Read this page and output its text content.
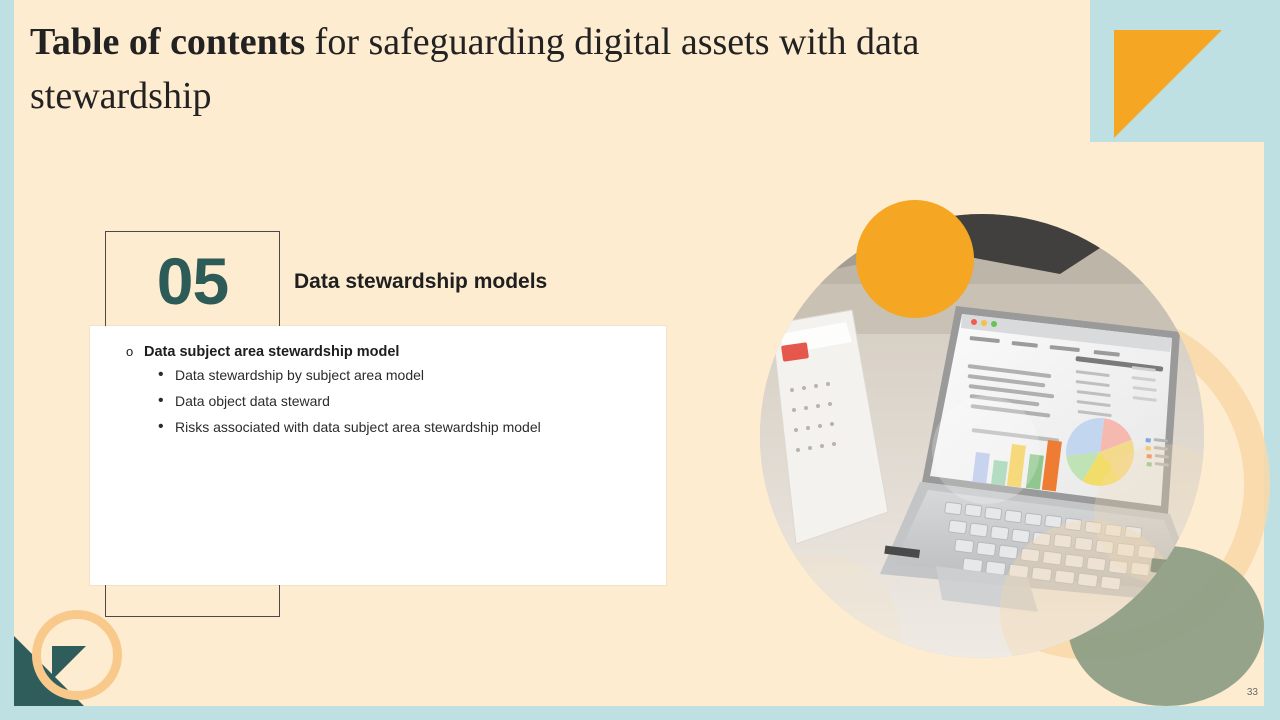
Table of contents for safeguarding digital assets with data stewardship
05	Data stewardship models
o Data subject area stewardship model
• Data stewardship by subject area model
• Data object data steward
• Risks associated with data subject area stewardship model
33
